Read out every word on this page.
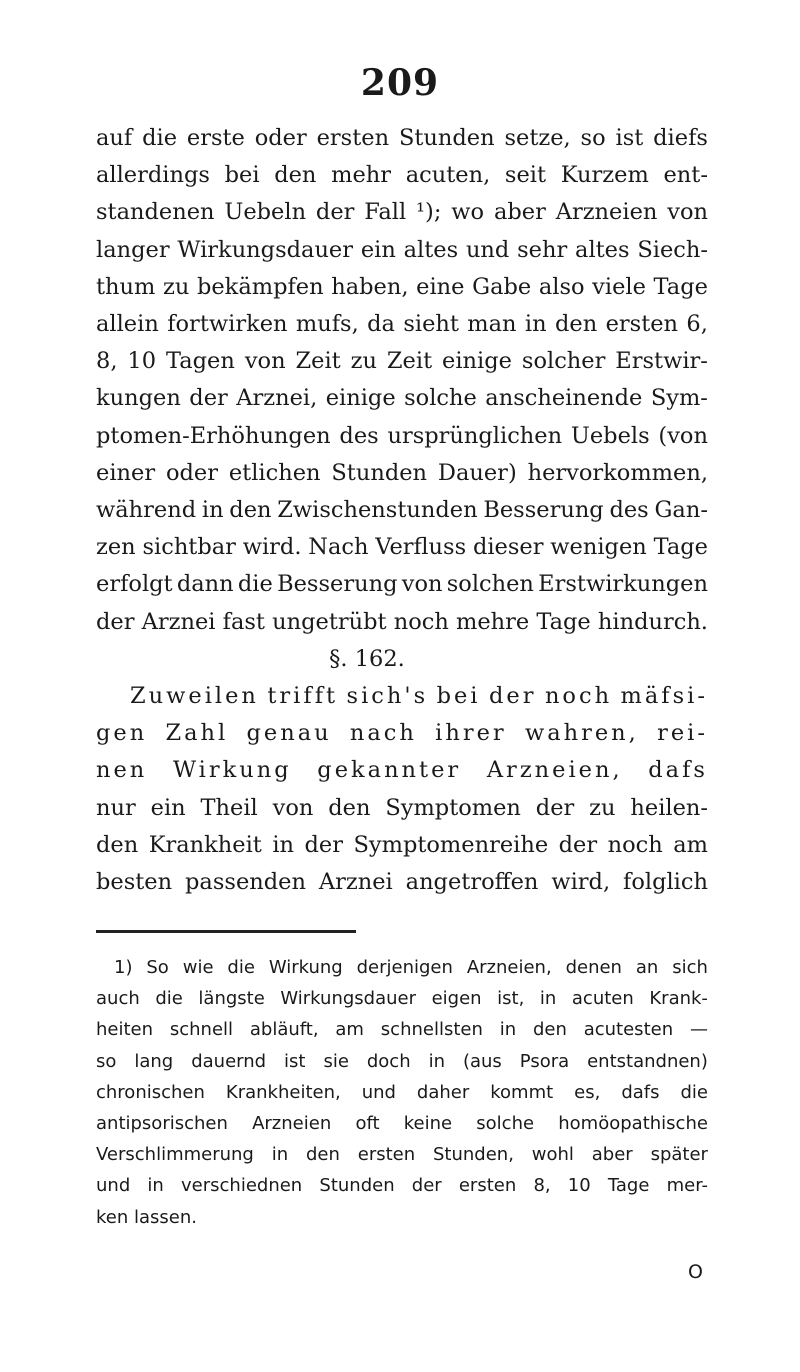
209
auf die erste oder ersten Stunden setze, so ist diefs
allerdings bei den mehr acuten, seit Kurzem ent-
standenen Uebeln der Fall ¹); wo aber Arzneien von
langer Wirkungsdauer ein altes und sehr altes Siech-
thum zu bekämpfen haben, eine Gabe also viele Tage
allein fortwirken mufs, da sieht man in den ersten 6,
8, 10 Tagen von Zeit zu Zeit einige solcher Erstwir-
kungen der Arznei, einige solche anscheinende Sym-
ptomen-Erhöhungen des ursprünglichen Uebels (von
einer oder etlichen Stunden Dauer) hervorkommen,
während in den Zwischenstunden Besserung des Gan-
zen sichtbar wird. Nach Verfluss dieser wenigen Tage
erfolgt dann die Besserung von solchen Erstwirkungen
der Arznei fast ungetrübt noch mehre Tage hindurch.
§. 162.
Zuweilen trifft sich's bei der noch mäfsi-
gen Zahl genau nach ihrer wahren, rei-
nen Wirkung gekannter Arzneien, dafs
nur ein Theil von den Symptomen der zu heilen-
den Krankheit in der Symptomenreihe der noch am
besten passenden Arznei angetroffen wird, folglich
1) So wie die Wirkung derjenigen Arzneien, denen an sich
auch die längste Wirkungsdauer eigen ist, in acuten Krank-
heiten schnell abläuft, am schnellsten in den acutesten —
so lang dauernd ist sie doch in (aus Psora entstandnen)
chronischen Krankheiten, und daher kommt es, dafs die
antipsorischen Arzneien oft keine solche homöopathische
Verschlimmerung in den ersten Stunden, wohl aber später
und in verschiednen Stunden der ersten 8, 10 Tage mer-
ken lassen.
O
